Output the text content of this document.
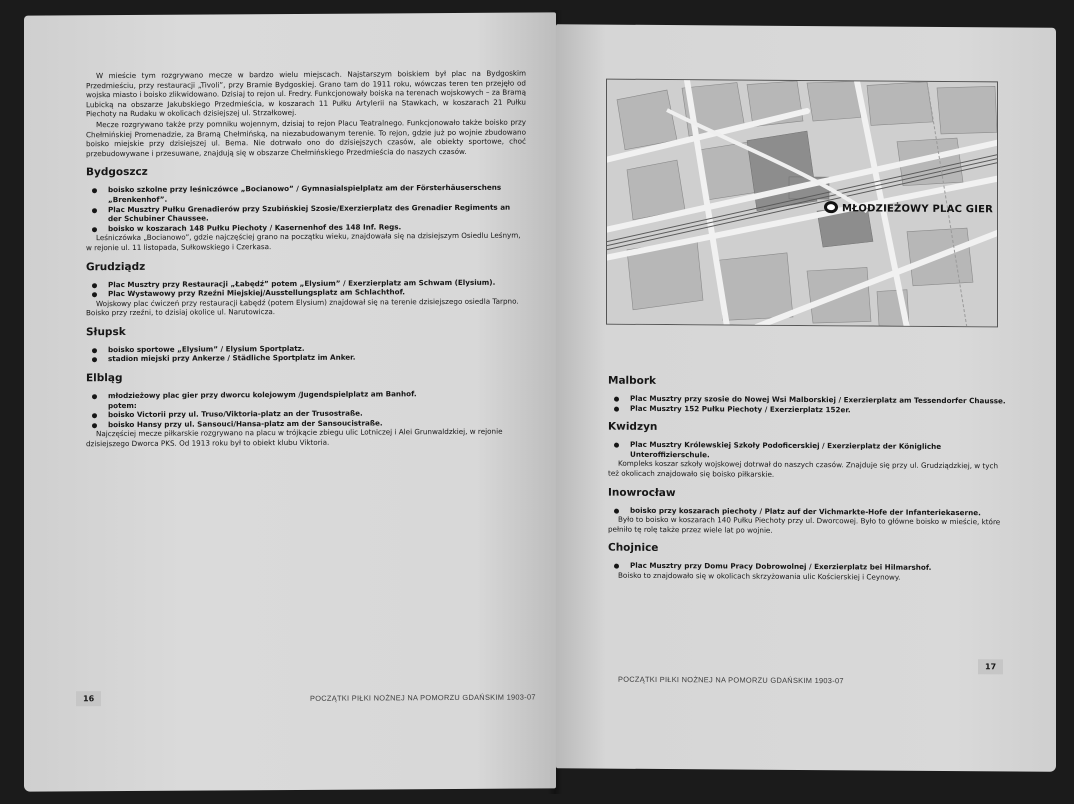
W mieście tym rozgrywano mecze w bardzo wielu miejscach. Najstarszym boiskiem był plac na Bydgoskim Przedmieściu, przy restauracji „Tivoli”, przy Bramie Bydgoskiej. Grano tam do 1911 roku, wówczas teren ten przejęło od wojska miasto i boisko zlikwidowano. Dzisiaj to rejon ul. Fredry. Funkcjonowały boiska na terenach wojskowych – za Bramą Lubicką na obszarze Jakubskiego Przedmieścia, w koszarach 11 Pułku Artylerii na Stawkach, w koszarach 21 Pułku Piechoty na Rudaku w okolicach dzisiejszej ul. Strzałkowej.

Mecze rozgrywano także przy pomniku wojennym, dzisiaj to rejon Placu Teatralnego. Funkcjonowało także boisko przy Chełmińskiej Promenadzie, za Bramą Chełmińską, na niezabudowanym terenie. To rejon, gdzie już po wojnie zbudowano boisko miejskie przy dzisiejszej ul. Bema. Nie dotrwało ono do dzisiejszych czasów, ale obiekty sportowe, choć przebudowywane i przesuwane, znajdują się w obszarze Chełmińskiego Przedmieścia do naszych czasów.

Bydgoszcz
boisko szkolne przy leśniczówce „Bocianowo” / Gymnasialspielplatz am der Försterhäuserschens „Brenkenhof”.
Plac Musztry Pułku Grenadierów przy Szubińskiej Szosie/Exerzierplatz des Grenadier Regiments an der Schubiner Chaussee.
boisko w koszarach 148 Pułku Piechoty / Kasernenhof des 148 Inf. Regs.

Leśniczówka „Bocianowo”, gdzie najczęściej grano na początku wieku, znajdowała się na dzisiejszym Osiedlu Leśnym, w rejonie ul. 11 listopada, Sułkowskiego i Czerkasa.

Grudziądz
Plac Musztry przy Restauracji „Łabędź” potem „Elysium” / Exerzierplatz am Schwam (Elysium).
Plac Wystawowy przy Rzeźni Miejskiej/Ausstellungsplatz am Schlachthof.

Wojskowy plac ćwiczeń przy restauracji Łabędź (potem Elysium) znajdował się na terenie dzisiejszego osiedla Tarpno. Boisko przy rzeźni, to dzisiaj okolice ul. Narutowicza.

Słupsk
boisko sportowe „Elysium” / Elysium Sportplatz.
stadion miejski przy Ankerze / Städliche Sportplatz im Anker.
Elbląg
młodzieżowy plac gier przy dworcu kolejowym /Jugendspielplatz am Banhof.
potem:
boisko Victorii przy ul. Truso/Viktoria-platz an der Trusostraße.
boisko Hansy przy ul. Sansouci/Hansa-platz am der Sansoucistraße.

Najczęściej mecze piłkarskie rozgrywano na placu w trójkącie zbiegu ulic Lotniczej i Alei Grunwaldzkiej, w rejonie dzisiejszego Dworca PKS. Od 1913 roku był to obiekt klubu Viktoria.

16	POCZĄTKI PIŁKI NOŻNEJ NA POMORZU GDAŃSKIM 1903-07
MŁODZIEŻOWY PLAC GIER
Malbork
Plac Musztry przy szosie do Nowej Wsi Malborskiej / Exerzierplatz am Tessendorfer Chausse.
Plac Musztry 152 Pułku Piechoty / Exerzierplatz 152er.
Kwidzyn
Plac Musztry Królewskiej Szkoły Podoficerskiej / Exerzierplatz der Königliche Unteroffizierschule.

Kompleks koszar szkoły wojskowej dotrwał do naszych czasów. Znajduje się przy ul. Grudziądzkiej, w tych też okolicach znajdowało się boisko piłkarskie.

Inowrocław
boisko przy koszarach piechoty / Platz auf der Vichmarkte-Hofe der Infanteriekaserne.

Było to boisko w koszarach 140 Pułku Piechoty przy ul. Dworcowej. Było to główne boisko w mieście, które pełniło tę rolę także przez wiele lat po wojnie.

Chojnice
Plac Musztry przy Domu Pracy Dobrowolnej / Exerzierplatz bei Hilmarshof.

Boisko to znajdowało się w okolicach skrzyżowania ulic Kościerskiej i Ceynowy.

17
POCZĄTKI PIŁKI NOŻNEJ NA POMORZU GDAŃSKIM 1903-07
